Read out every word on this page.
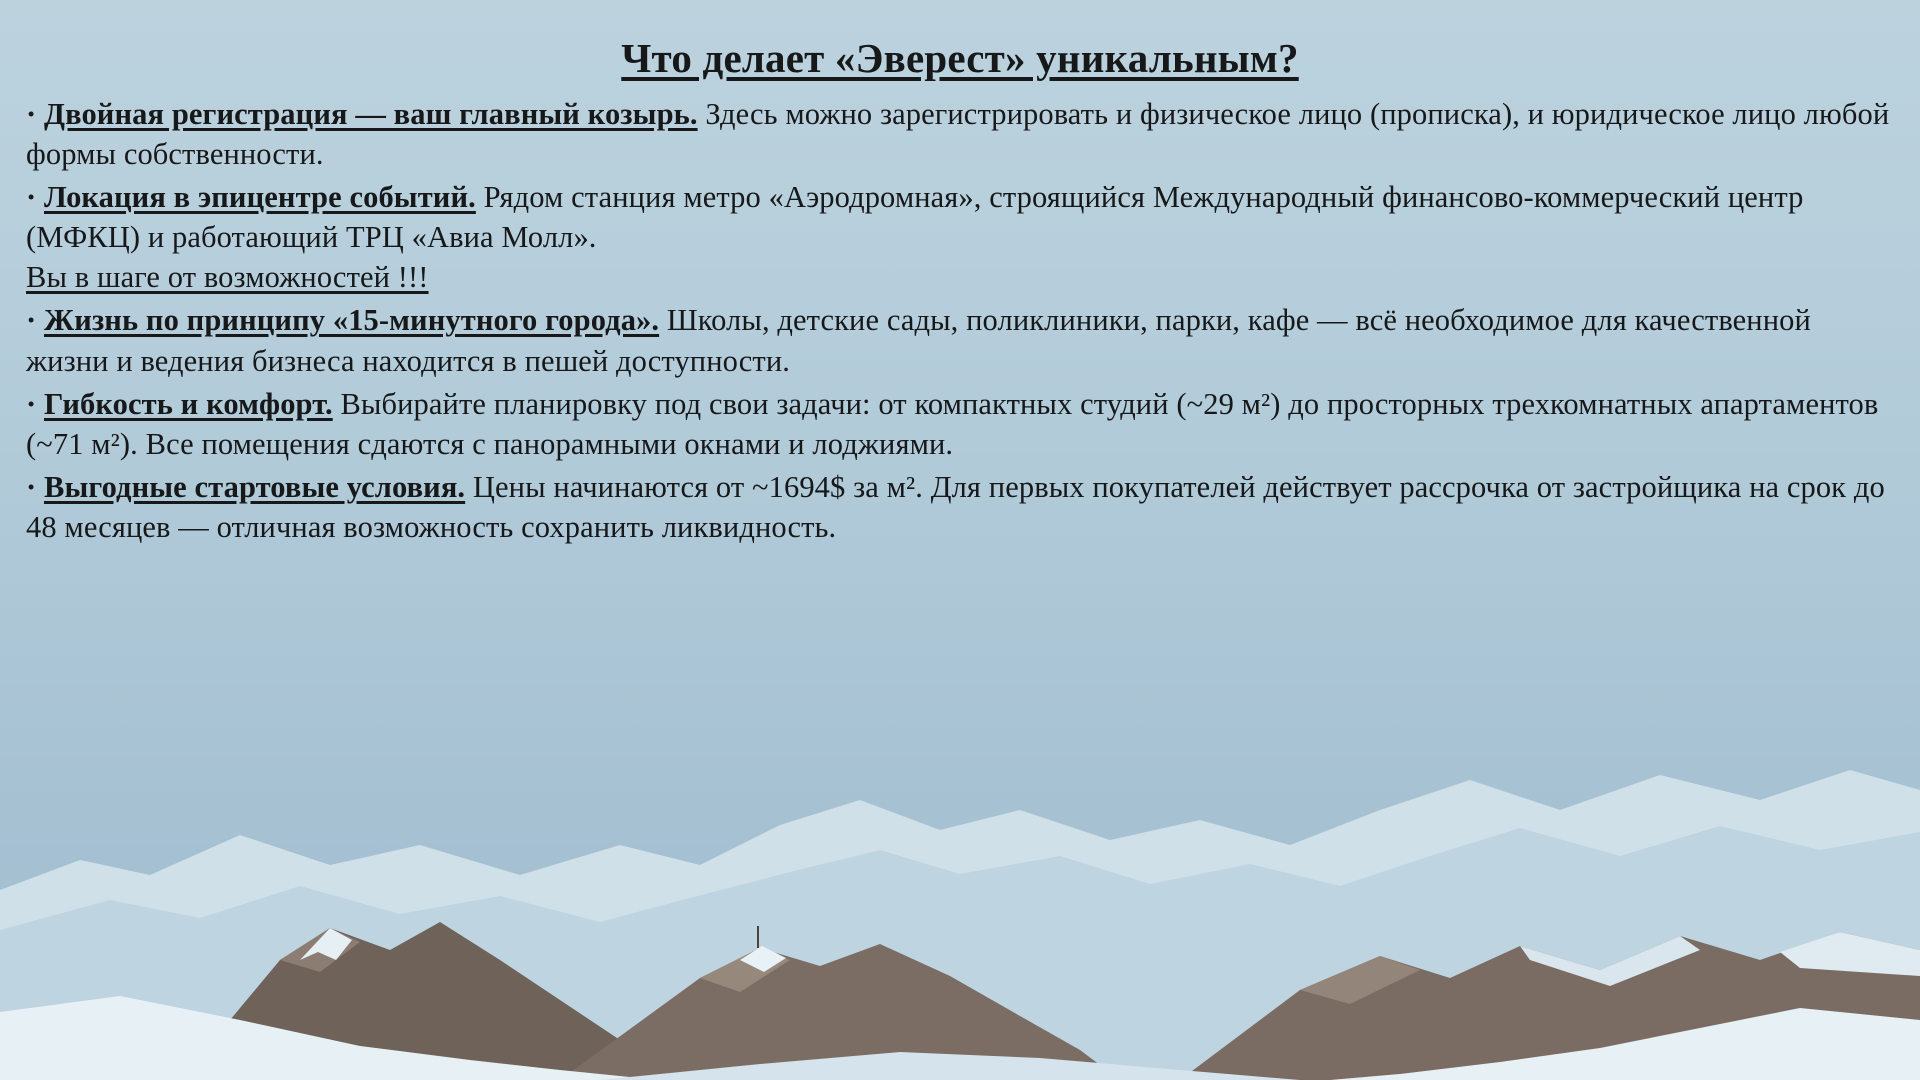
Что делает «Эверест» уникальным?

· Двойная регистрация — ваш главный козырь. Здесь можно зарегистрировать и физическое лицо (прописка), и юридическое лицо любой формы собственности.

· Локация в эпицентре событий. Рядом станция метро «Аэродромная», строящийся Международный финансово-коммерческий центр (МФКЦ) и работающий ТРЦ «Авиа Молл».
Вы в шаге от возможностей !!!

· Жизнь по принципу «15-минутного города». Школы, детские сады, поликлиники, парки, кафе — всё необходимое для качественной жизни и ведения бизнеса находится в пешей доступности.

· Гибкость и комфорт. Выбирайте планировку под свои задачи: от компактных студий (~29 м²) до просторных трехкомнатных апартаментов (~71 м²). Все помещения сдаются с панорамными окнами и лоджиями.

· Выгодные стартовые условия. Цены начинаются от ~1694$ за м². Для первых покупателей действует рассрочка от застройщика на срок до 48 месяцев — отличная возможность сохранить ликвидность.
